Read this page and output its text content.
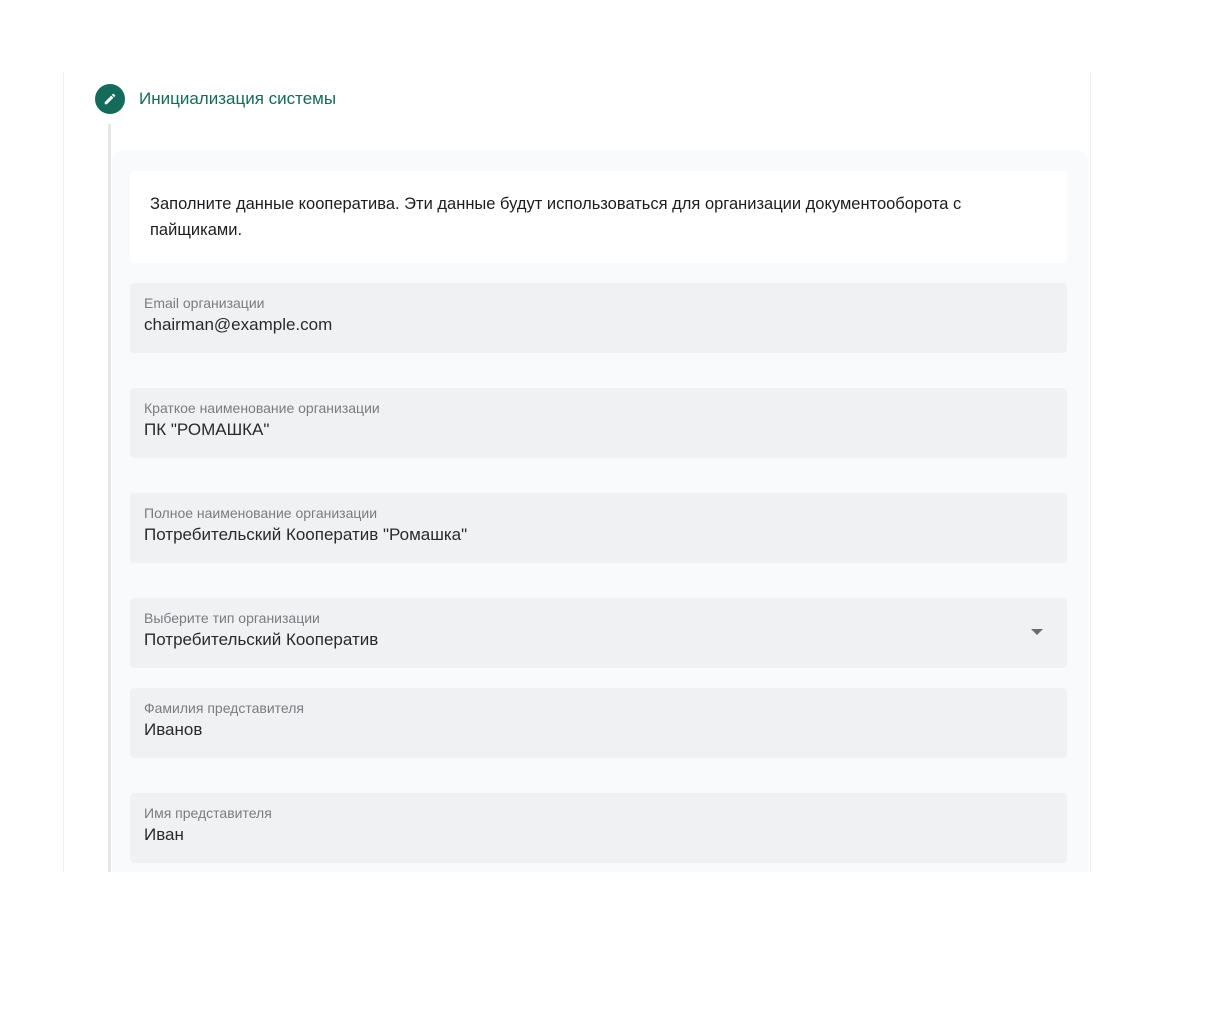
Инициализация системы
Заполните данные кооператива. Эти данные будут использоваться для организации документооборота с пайщиками.
Email организации
chairman@example.com
Краткое наименование организации
ПК "РОМАШКА"
Полное наименование организации
Потребительский Кооператив "Ромашка"
Выберите тип организации
Потребительский Кооператив
Фамилия представителя
Иванов
Имя представителя
Иван
